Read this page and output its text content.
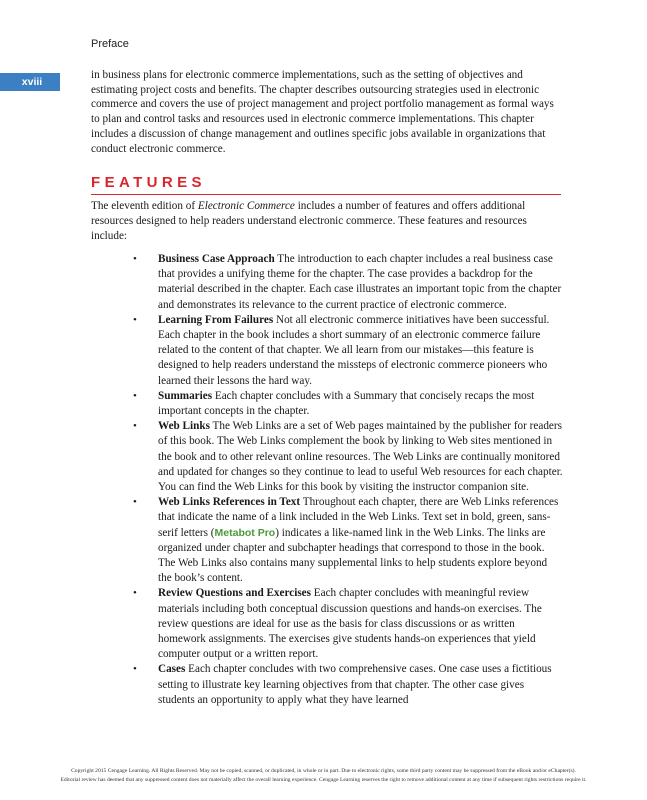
Preface
xviii

in business plans for electronic commerce implementations, such as the setting of objectives and estimating project costs and benefits. The chapter describes outsourcing strategies used in electronic commerce and covers the use of project management and project portfolio management as formal ways to plan and control tasks and resources used in electronic commerce implementations. This chapter includes a discussion of change management and outlines specific jobs available in organizations that conduct electronic commerce.

FEATURES

The eleventh edition of Electronic Commerce includes a number of features and offers additional resources designed to help readers understand electronic commerce. These features and resources include:

• Business Case Approach The introduction to each chapter includes a real business case that provides a unifying theme for the chapter. The case provides a backdrop for the material described in the chapter. Each case illustrates an important topic from the chapter and demonstrates its relevance to the current practice of electronic commerce.
• Learning From Failures Not all electronic commerce initiatives have been successful. Each chapter in the book includes a short summary of an electronic commerce failure related to the content of that chapter. We all learn from our mistakes—this feature is designed to help readers understand the missteps of electronic commerce pioneers who learned their lessons the hard way.
• Summaries Each chapter concludes with a Summary that concisely recaps the most important concepts in the chapter.
• Web Links The Web Links are a set of Web pages maintained by the publisher for readers of this book. The Web Links complement the book by linking to Web sites mentioned in the book and to other relevant online resources. The Web Links are continually monitored and updated for changes so they continue to lead to useful Web resources for each chapter. You can find the Web Links for this book by visiting the instructor companion site.
• Web Links References in Text Throughout each chapter, there are Web Links references that indicate the name of a link included in the Web Links. Text set in bold, green, sans-serif letters (Metabot Pro) indicates a like-named link in the Web Links. The links are organized under chapter and subchapter headings that correspond to those in the book. The Web Links also contains many supplemental links to help students explore beyond the book’s content.
• Review Questions and Exercises Each chapter concludes with meaningful review materials including both conceptual discussion questions and hands-on exercises. The review questions are ideal for use as the basis for class discussions or as written homework assignments. The exercises give students hands-on experiences that yield computer output or a written report.
• Cases Each chapter concludes with two comprehensive cases. One case uses a fictitious setting to illustrate key learning objectives from that chapter. The other case gives students an opportunity to apply what they have learned
Copyright 2015 Cengage Learning. All Rights Reserved. May not be copied, scanned, or duplicated, in whole or in part. Due to electronic rights, some third party content may be suppressed from the eBook and/or eChapter(s).
Editorial review has deemed that any suppressed content does not materially affect the overall learning experience. Cengage Learning reserves the right to remove additional content at any time if subsequent rights restrictions require it.
